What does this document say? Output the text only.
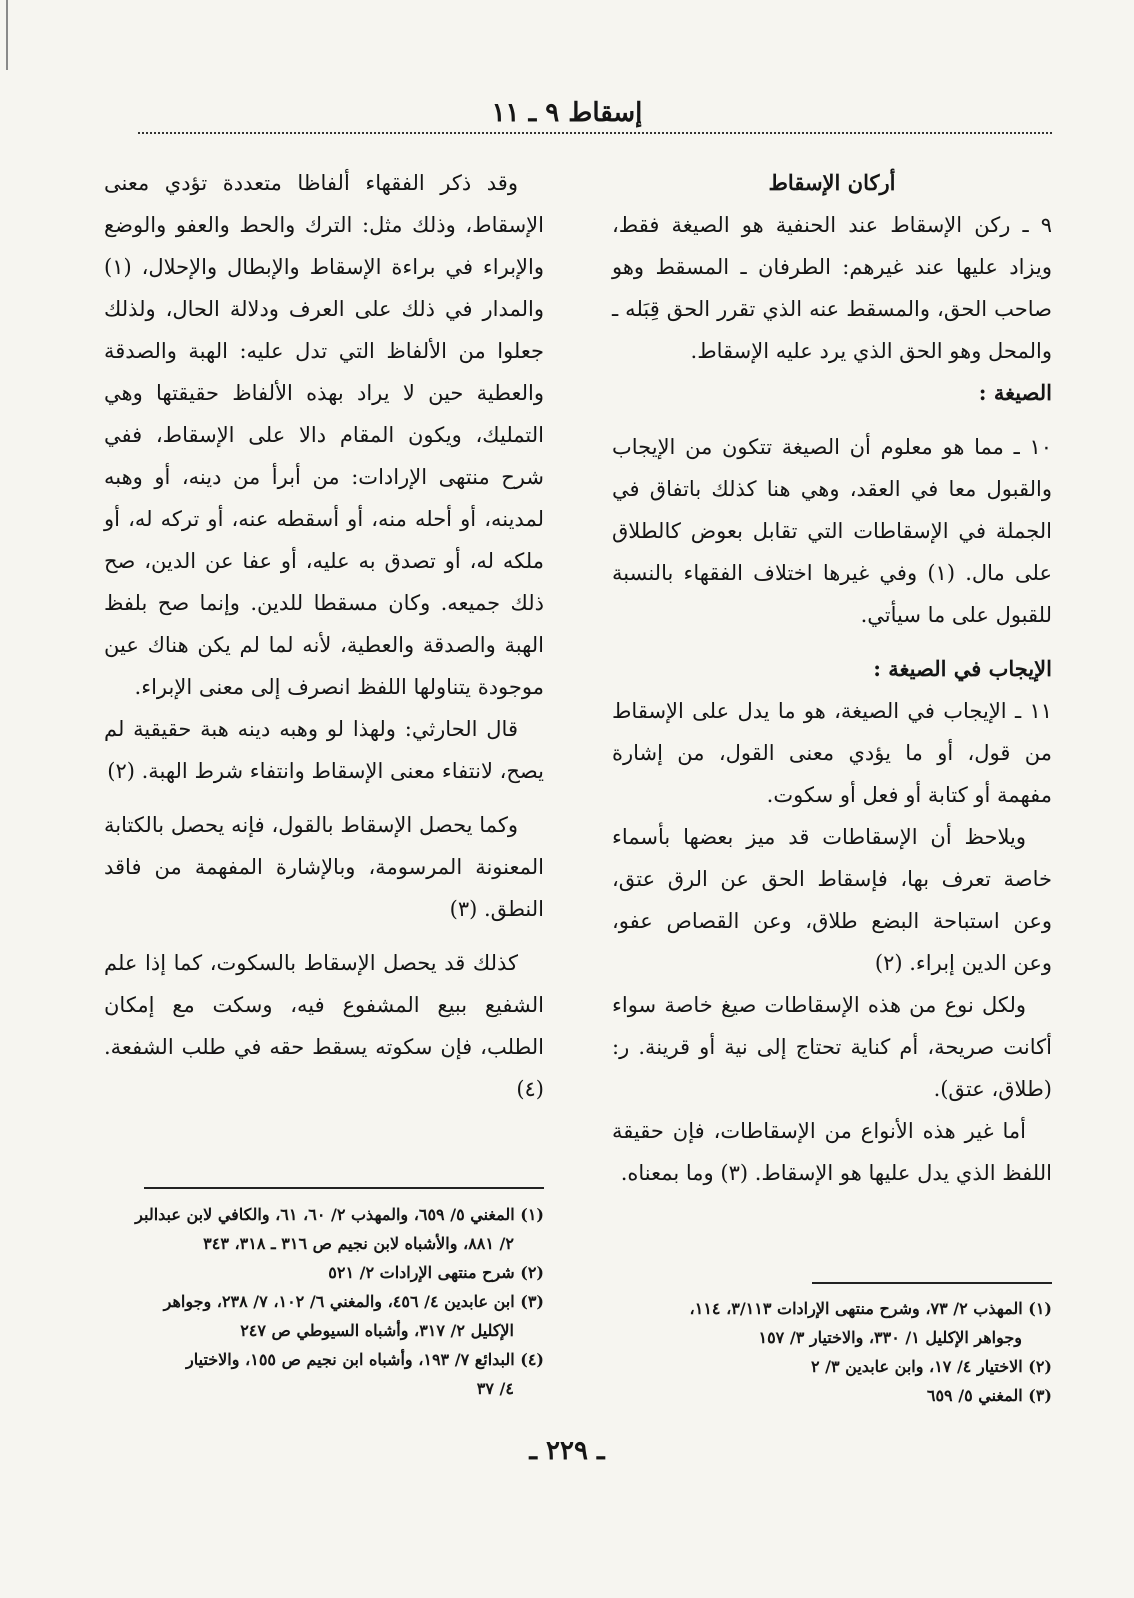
إسقاط ٩ ـ ١١

أركان الإسقاط

٩ ـ ركن الإسقاط عند الحنفية هو الصيغة فقط، ويزاد عليها عند غيرهم: الطرفان ـ المسقط وهو صاحب الحق، والمسقط عنه الذي تقرر الحق قِبَله ـ والمحل وهو الحق الذي يرد عليه الإسقاط.

الصيغة :

١٠ ـ مما هو معلوم أن الصيغة تتكون من الإيجاب والقبول معا في العقد، وهي هنا كذلك باتفاق في الجملة في الإسقاطات التي تقابل بعوض كالطلاق على مال. (١) وفي غيرها اختلاف الفقهاء بالنسبة للقبول على ما سيأتي.

الإيجاب في الصيغة :

١١ ـ الإيجاب في الصيغة، هو ما يدل على الإسقاط من قول، أو ما يؤدي معنى القول، من إشارة مفهمة أو كتابة أو فعل أو سكوت.

ويلاحظ أن الإسقاطات قد ميز بعضها بأسماء خاصة تعرف بها، فإسقاط الحق عن الرق عتق، وعن استباحة البضع طلاق، وعن القصاص عفو، وعن الدين إبراء. (٢)

ولكل نوع من هذه الإسقاطات صيغ خاصة سواء أكانت صريحة، أم كناية تحتاج إلى نية أو قرينة. ر: (طلاق، عتق).

أما غير هذه الأنواع من الإسقاطات، فإن حقيقة اللفظ الذي يدل عليها هو الإسقاط. (٣) وما بمعناه.

وقد ذكر الفقهاء ألفاظا متعددة تؤدي معنى الإسقاط، وذلك مثل: الترك والحط والعفو والوضع والإبراء في براءة الإسقاط والإبطال والإحلال، (١) والمدار في ذلك على العرف ودلالة الحال، ولذلك جعلوا من الألفاظ التي تدل عليه: الهبة والصدقة والعطية حين لا يراد بهذه الألفاظ حقيقتها وهي التمليك، ويكون المقام دالا على الإسقاط، ففي شرح منتهى الإرادات: من أبرأ من دينه، أو وهبه لمدينه، أو أحله منه، أو أسقطه عنه، أو تركه له، أو ملكه له، أو تصدق به عليه، أو عفا عن الدين، صح ذلك جميعه. وكان مسقطا للدين. وإنما صح بلفظ الهبة والصدقة والعطية، لأنه لما لم يكن هناك عين موجودة يتناولها اللفظ انصرف إلى معنى الإبراء.

قال الحارثي: ولهذا لو وهبه دينه هبة حقيقية لم يصح، لانتفاء معنى الإسقاط وانتفاء شرط الهبة. (٢)

وكما يحصل الإسقاط بالقول، فإنه يحصل بالكتابة المعنونة المرسومة، وبالإشارة المفهمة من فاقد النطق. (٣)

كذلك قد يحصل الإسقاط بالسكوت، كما إذا علم الشفيع ببيع المشفوع فيه، وسكت مع إمكان الطلب، فإن سكوته يسقط حقه في طلب الشفعة. (٤)

(١) المهذب ٢/ ٧٣، وشرح منتهى الإرادات ٣/١١٣، ١١٤،

وجواهر الإكليل ١/ ٣٣٠، والاختيار ٣/ ١٥٧

(٢) الاختيار ٤/ ١٧، وابن عابدين ٣/ ٢

(٣) المغني ٥/ ٦٥٩

(١) المغني ٥/ ٦٥٩، والمهذب ٢/ ٦٠، ٦١، والكافي لابن عبدالبر

٢/ ٨٨١، والأشباه لابن نجيم ص ٣١٦ ـ ٣١٨، ٣٤٣

(٢) شرح منتهى الإرادات ٢/ ٥٢١

(٣) ابن عابدين ٤/ ٤٥٦، والمغني ٦/ ١٠٢، ٧/ ٢٣٨، وجواهر

الإكليل ٢/ ٣١٧، وأشباه السيوطي ص ٢٤٧

(٤) البدائع ٧/ ١٩٣، وأشباه ابن نجيم ص ١٥٥، والاختيار

٤/ ٣٧

ـ ٢٢٩ ـ
